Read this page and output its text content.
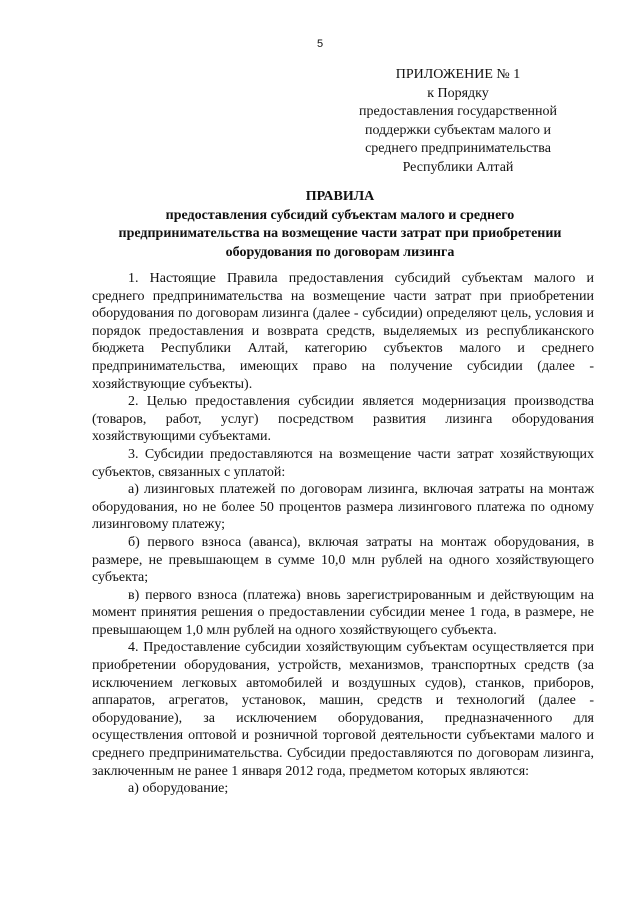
5
ПРИЛОЖЕНИЕ № 1
к Порядку
предоставления государственной
поддержки субъектам малого и
среднего предпринимательства
Республики Алтай
ПРАВИЛА
предоставления субсидий субъектам малого и среднего
предпринимательства на возмещение части затрат при приобретении
оборудования по договорам лизинга

1. Настоящие Правила предоставления субсидий субъектам малого и среднего предпринимательства на возмещение части затрат при приобретении оборудования по договорам лизинга (далее - субсидии) определяют цель, условия и порядок предоставления и возврата средств, выделяемых из республиканского бюджета Республики Алтай, категорию субъектов малого и среднего предпринимательства, имеющих право на получение субсидии (далее - хозяйствующие субъекты).

2. Целью предоставления субсидии является модернизация производства (товаров, работ, услуг) посредством развития лизинга оборудования хозяйствующими субъектами.

3. Субсидии предоставляются на возмещение части затрат хозяйствующих субъектов, связанных с уплатой:

а) лизинговых платежей по договорам лизинга, включая затраты на монтаж оборудования, но не более 50 процентов размера лизингового платежа по одному лизинговому платежу;

б) первого взноса (аванса), включая затраты на монтаж оборудования, в размере, не превышающем в сумме 10,0 млн рублей на одного хозяйствующего субъекта;

в) первого взноса (платежа) вновь зарегистрированным и действующим на момент принятия решения о предоставлении субсидии менее 1 года, в размере, не превышающем 1,0 млн рублей на одного хозяйствующего субъекта.

4. Предоставление субсидии хозяйствующим субъектам осуществляется при приобретении оборудования, устройств, механизмов, транспортных средств (за исключением легковых автомобилей и воздушных судов), станков, приборов, аппаратов, агрегатов, установок, машин, средств и технологий (далее - оборудование), за исключением оборудования, предназначенного для осуществления оптовой и розничной торговой деятельности субъектами малого и среднего предпринимательства. Субсидии предоставляются по договорам лизинга, заключенным не ранее 1 января 2012 года, предметом которых являются:

а) оборудование;
